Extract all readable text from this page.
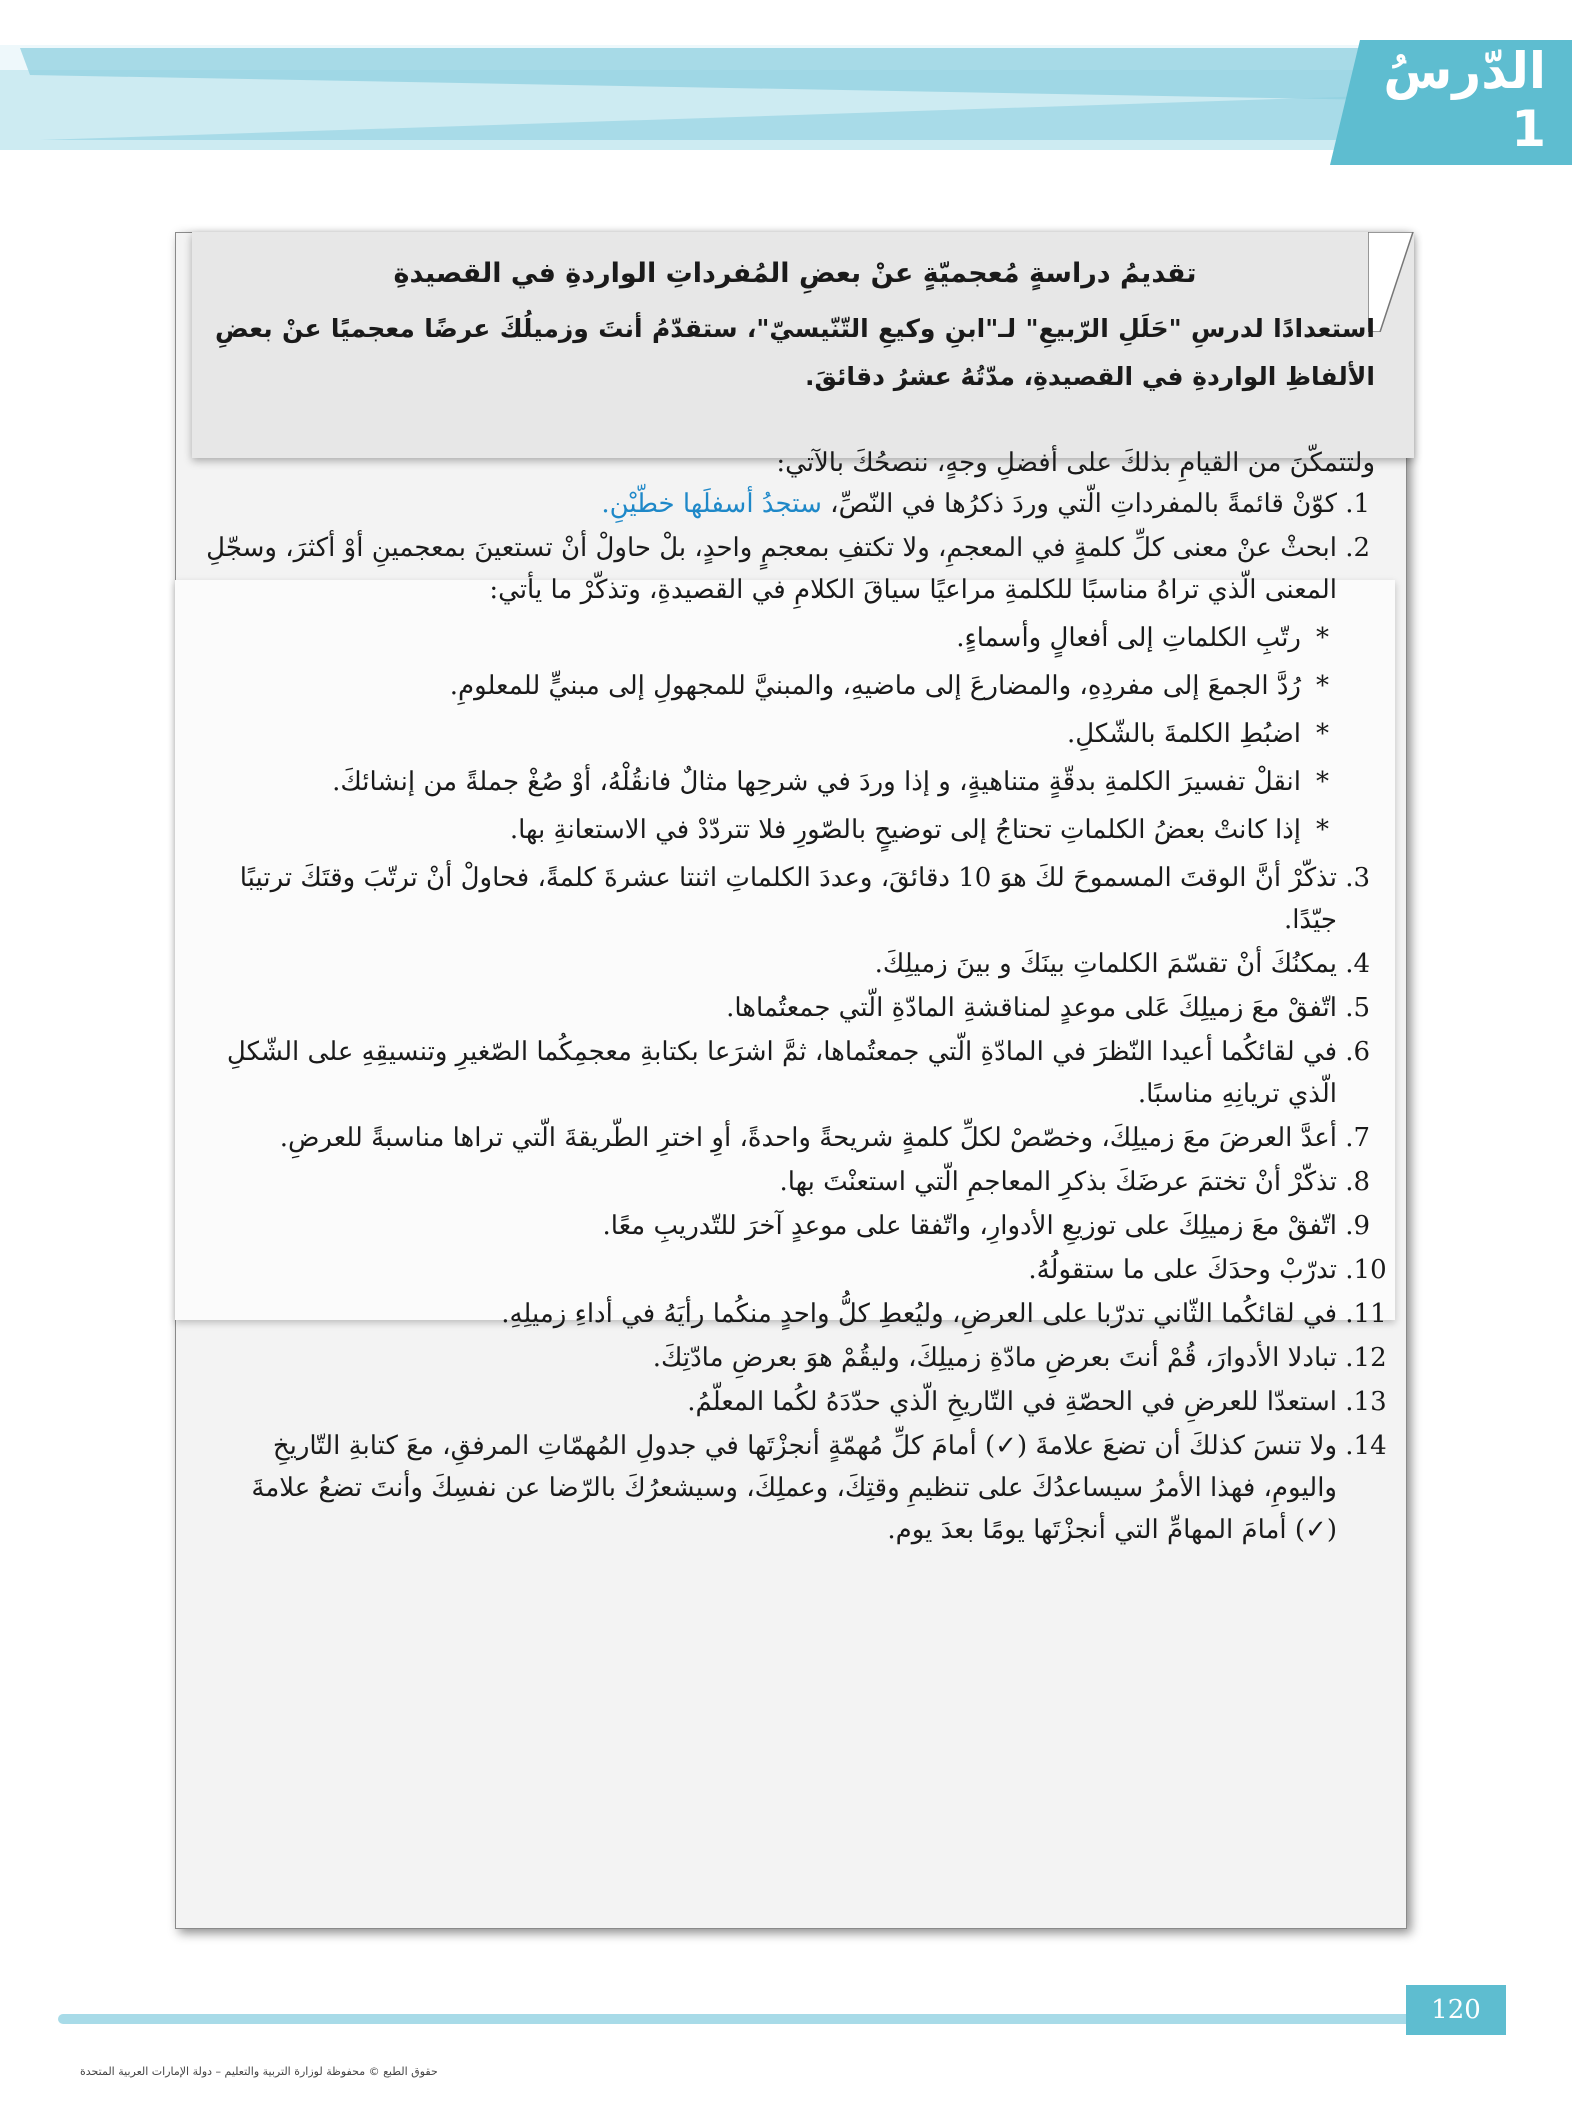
الدّرسُ
1

تقديمُ دراسةٍ مُعجميّةٍ عنْ بعضِ المُفرداتِ الواردةِ في القصيدةِ

استعدادًا لدرسِ "حَلَلِ الرّبيعِ" لـ"ابنِ وكيعِ التّنّيسيّ"، ستقدّمُ أنتَ وزميلُكَ عرضًا معجميًا عنْ بعضِ الألفاظِ الواردةِ في القصيدةِ، مدّتُهُ عشرُ دقائقَ.

ولتتمكّنَ من القيامِ بذلكَ على أفضلِ وجهٍ، ننصحُكَ بالآتي:

1. كوّنْ قائمةً بالمفرداتِ الّتي وردَ ذكرُها في النّصِّ، ستجدُ أسفلَها خطّيْنِ.
2. ابحثْ عنْ معنى كلِّ كلمةٍ في المعجمِ، ولا تكتفِ بمعجمٍ واحدٍ، بلْ حاولْ أنْ تستعينَ بمعجمينِ أوْ أكثرَ، وسجّلِ المعنى الّذي تراهُ مناسبًا للكلمةِ مراعيًا سياقَ الكلامِ في القصيدةِ، وتذكّرْ ما يأتي:
* رتّبِ الكلماتِ إلى أفعالٍ وأسماءٍ.
* رُدَّ الجمعَ إلى مفردِهِ، والمضارعَ إلى ماضيهِ، والمبنيَّ للمجهولِ إلى مبنيٍّ للمعلومِ.
* اضبُطِ الكلمةَ بالشّكلِ.
* انقلْ تفسيرَ الكلمةِ بدقّةٍ متناهيةٍ، و إذا وردَ في شرحِها مثالٌ فانقُلْهُ، أوْ صُغْ جملةً من إنشائكَ.
* إذا كانتْ بعضُ الكلماتِ تحتاجُ إلى توضيحٍ بالصّورِ فلا تتردّدْ في الاستعانةِ بها.
3. تذكّرْ أنَّ الوقتَ المسموحَ لكَ هوَ 10 دقائقَ، وعددَ الكلماتِ اثنتا عشرةَ كلمةً، فحاولْ أنْ ترتّبَ وقتَكَ ترتيبًا جيّدًا.
4. يمكنُكَ أنْ تقسّمَ الكلماتِ بينَكَ و بينَ زميلِكَ.
5. اتّفقْ معَ زميلِكَ عَلى موعدٍ لمناقشةِ المادّةِ الّتي جمعتُماها.
6. في لقائكُما أعيدا النّظرَ في المادّةِ الّتي جمعتُماها، ثمَّ اشرَعا بكتابةِ معجمِكُما الصّغيرِ وتنسيقِهِ على الشّكلِ الّذي تريانِهِ مناسبًا.
7. أعدَّ العرضَ معَ زميلِكَ، وخصّصْ لكلِّ كلمةٍ شريحةً واحدةً، أوِ اخترِ الطّريقةَ الّتي تراها مناسبةً للعرضِ.
8. تذكّرْ أنْ تختمَ عرضَكَ بذكرِ المعاجمِ الّتي استعنْتَ بها.
9. اتّفقْ معَ زميلِكَ على توزيعِ الأدوارِ، واتّفقا على موعدٍ آخرَ للتّدريبِ معًا.
10. تدرّبْ وحدَكَ على ما ستقولُهُ.
11. في لقائكُما الثّاني تدرّبا على العرضِ، وليُعطِ كلُّ واحدٍ منكُما رأيَهُ في أداءِ زميلِهِ.
12. تبادلا الأدوارَ، قُمْ أنتَ بعرضِ مادّةِ زميلِكَ، وليقُمْ هوَ بعرضِ مادّتِكَ.
13. استعدّا للعرضِ في الحصّةِ في التّاريخِ الّذي حدّدَهُ لكُما المعلّمُ.
14. ولا تنسَ كذلكَ أن تضعَ علامةَ (✓) أمامَ كلِّ مُهمّةٍ أنجزْتَها في جدولِ المُهمّاتِ المرفقِ، معَ كتابةِ التّاريخِ واليومِ، فهذا الأمرُ سيساعدُكَ على تنظيمِ وقتِكَ، وعملِكَ، وسيشعرُكَ بالرّضا عن نفسِكَ وأنتَ تضعُ علامةَ (✓) أمامَ المهامِّ التي أنجزْتَها يومًا بعدَ يوم.
120
حقوق الطبع © محفوظة لوزارة التربية والتعليم – دولة الإمارات العربية المتحدة
